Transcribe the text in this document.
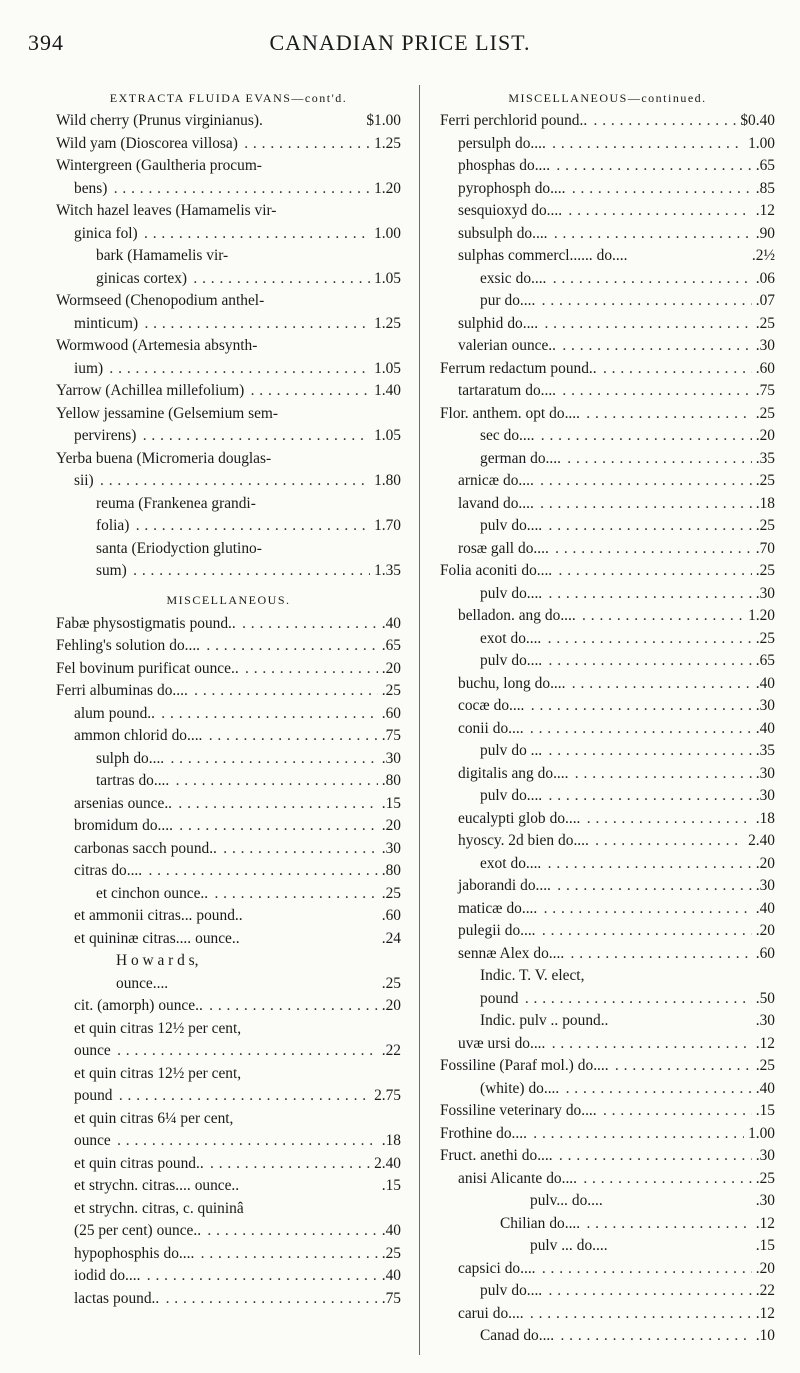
394	CANADIAN PRICE LIST.
EXTRACTA FLUIDA EVANS—cont'd.
Wild cherry (Prunus virginianus).	$1.00
Wild yam (Dioscorea villosa)	1.25
. . .
Wintergreen (Gaultheria procum-
bens)	1.20
. . .
Witch hazel leaves (Hamamelis vir-
ginica fol)	1.00
. . .
bark (Hamamelis vir-
ginicas cortex)	1.05
. . .
Wormseed (Chenopodium anthel-
minticum)	1.25
. . .
Wormwood (Artemesia absynth-
ium)	1.05
. . .
Yarrow (Achillea millefolium)	1.40
. . .
Yellow jessamine (Gelsemium sem-
pervirens)	1.05
. . .
Yerba buena (Micromeria douglas-
sii)	1.80
. . .
reuma (Frankenea grandi-
folia)	1.70
. . .
santa (Eriodyction glutino-
sum)	1.35
. . .
MISCELLANEOUS.
Fabæ physostigmatis pound..	.40
. . .
Fehling's solution do....	.65
. . .
Fel bovinum purificat ounce..	.20
. . .
Ferri albuminas do....	.25
. . .
alum pound..	.60
. . .
ammon chlorid do....	.75
. . .
sulph do....	.30
. . .
tartras do....	.80
. . .
arsenias ounce..	.15
. . .
bromidum do....	.20
. . .
carbonas sacch pound..	.30
. . .
citras do....	.80
. . .
et cinchon ounce..	.25
. . .
et ammonii citras... pound..	.60
et quininæ citras.... ounce..	.24
H o w a r d s,
ounce....	.25
cit. (amorph) ounce..	.20
. . .
et quin citras 12½ per cent,
ounce	.22
. . .
et quin citras 12½ per cent,
pound	2.75
. . .
et quin citras 6¼ per cent,
ounce	.18
. . .
et quin citras pound..	2.40
. . .
et strychn. citras.... ounce..	.15
et strychn. citras, c. quininâ
(25 per cent) ounce..	.40
. . .
hypophosphis do....	.25
. . .
iodid do....	.40
. . .
lactas pound..	.75
. . .
MISCELLANEOUS—continued.
Ferri perchlorid pound..	$0.40
. . .
persulph do....	1.00
. . .
phosphas do....	.65
. . .
pyrophosph do....	.85
. . .
sesquioxyd do....	.12
. . .
subsulph do....	.90
. . .
sulphas commercl...... do....	.2½
exsic do....	.06
. . .
pur do....	.07
. . .
sulphid do....	.25
. . .
valerian ounce..	.30
. . .
Ferrum redactum pound..	.60
. . .
tartaratum do....	.75
. . .
Flor. anthem. opt do....	.25
. . .
sec do....	.20
. . .
german do....	.35
. . .
arnicæ do....	.25
. . .
lavand do....	.18
. . .
pulv do....	.25
. . .
rosæ gall do....	.70
. . .
Folia aconiti do....	.25
. . .
pulv do....	.30
. . .
belladon. ang do....	1.20
. . .
exot do....	.25
. . .
pulv do....	.65
. . .
buchu, long do....	.40
. . .
cocæ do....	.30
. . .
conii do....	.40
. . .
pulv do ...	.35
. . .
digitalis ang do....	.30
. . .
pulv do....	.30
. . .
eucalypti glob do....	.18
. . .
hyoscy. 2d bien do....	2.40
. . .
exot do....	.20
. . .
jaborandi do....	.30
. . .
maticæ do....	.40
. . .
pulegii do....	.20
. . .
sennæ Alex do....	.60
. . .
Indic. T. V. elect,
pound	.50
. . .
Indic. pulv .. pound..	.30
uvæ ursi do....	.12
. . .
Fossiline (Paraf mol.) do....	.25
. . .
(white) do....	.40
. . .
Fossiline veterinary do....	.15
. . .
Frothine do....	1.00
. . .
Fruct. anethi do....	.30
. . .
anisi Alicante do....	.25
. . .
pulv... do....	.30
Chilian do....	.12
. . .
pulv ... do....	.15
capsici do....	.20
. . .
pulv do....	.22
. . .
carui do....	.12
. . .
Canad do....	.10
. . .
